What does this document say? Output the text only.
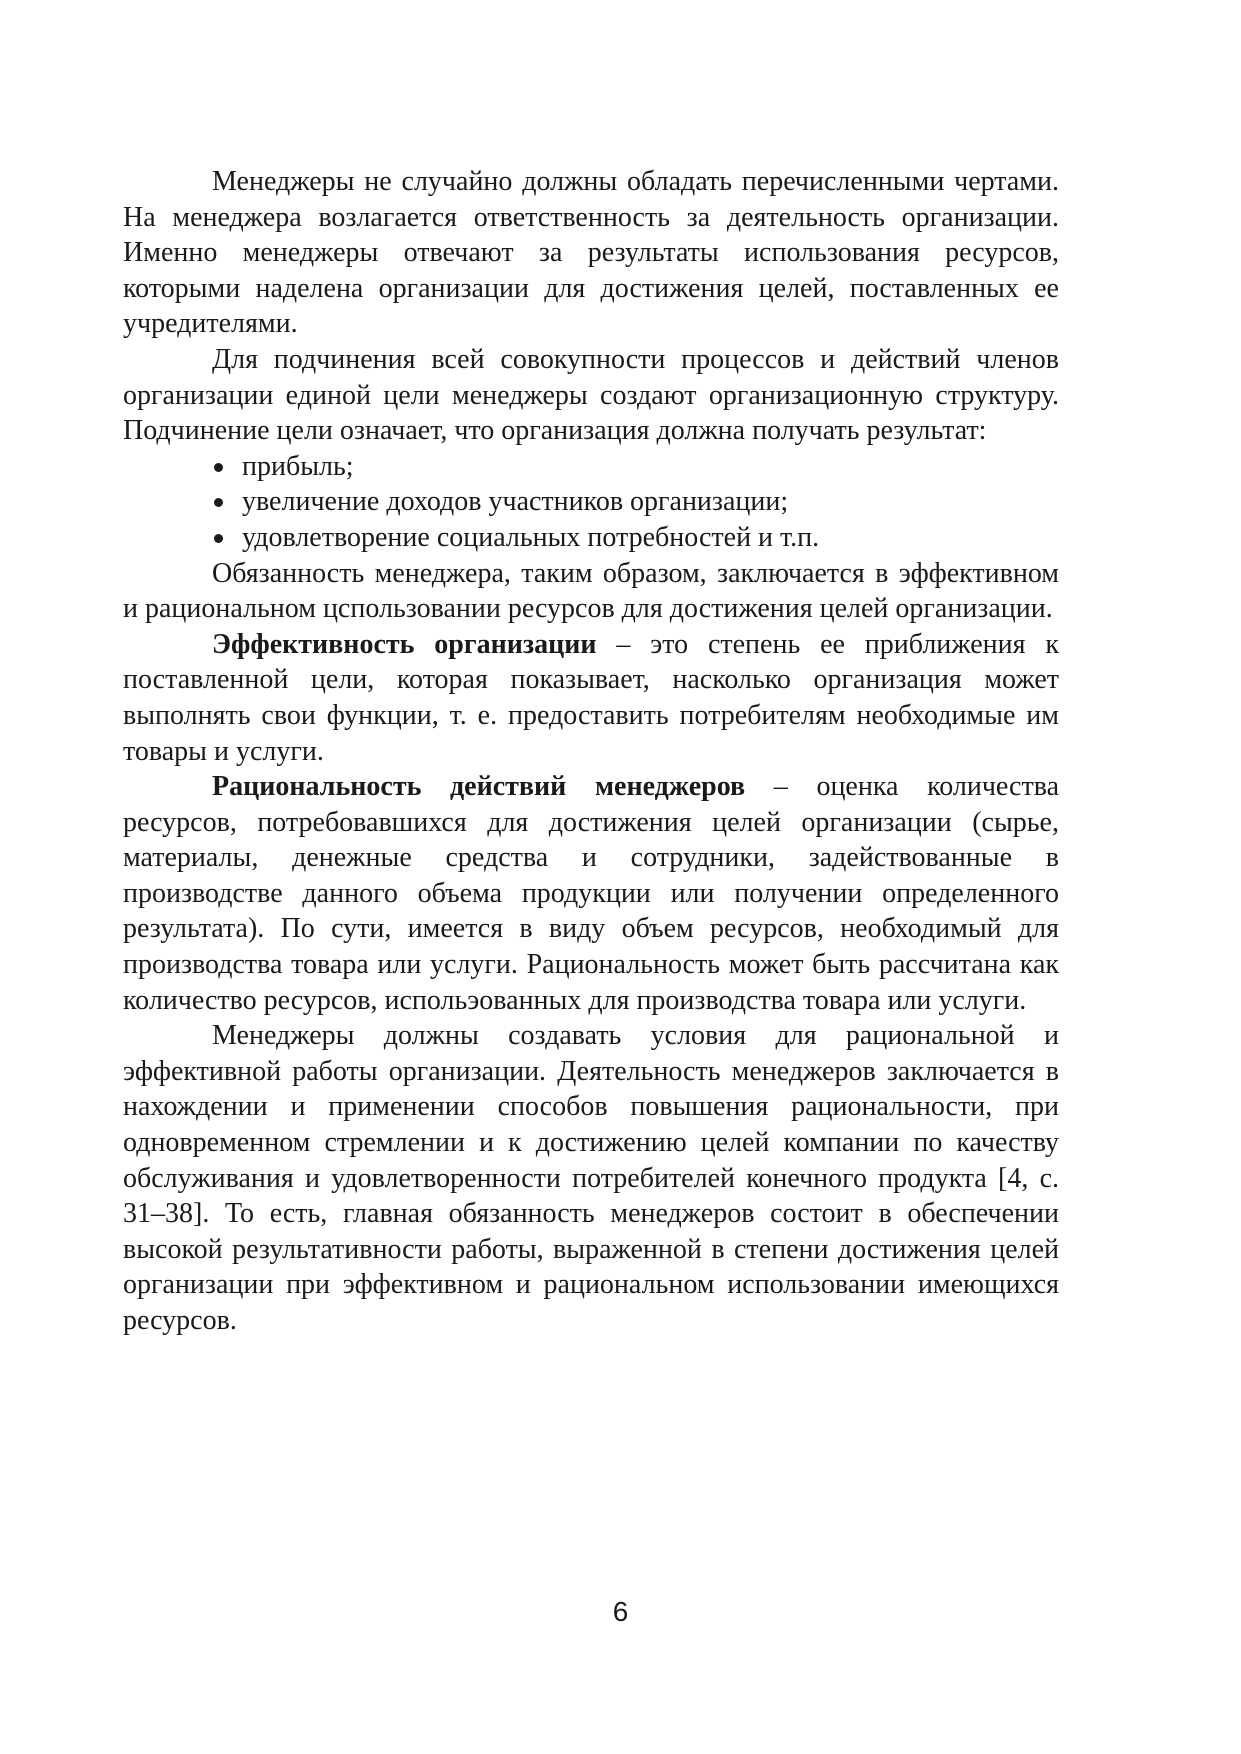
Менеджеры не случайно должны обладать перечисленными чертами. На менеджера возлагается ответственность за деятельность организации. Именно менеджеры отвечают за результаты использования ресурсов, которыми наделена организации для достижения целей, поставленных ее учредителями.

Для подчинения всей совокупности процессов и действий членов организации единой цели менеджеры создают организационную структуру. Подчинение цели означает, что организация должна получать результат:

прибыль;
увеличение доходов участников организации;
удовлетворение социальных потребностей и т.п.

Обязанность менеджера, таким образом, заключается в эффективном и рациональном цспользовании ресурсов для достижения целей организации.

Эффективность организации – это степень ее приближения к поставленной цели, которая показывает, насколько организация может выполнять свои функции, т. е. предоставить потребителям необходимые им товары и услуги.

Рациональность действий менеджеров – оценка количества ресурсов, потребовавшихся для достижения целей организации (сырье, материалы, денежные средства и сотрудники, задействованные в производстве данного объема продукции или получении определенного результата). По сути, имеется в виду объем ресурсов, необходимый для производства товара или услуги. Рациональность может быть рассчитана как количество ресурсов, испольэованных для производства товара или услуги.

Менеджеры должны создавать условия для рациональной и эффективной работы организации. Деятельность менеджеров заключается в нахождении и применении способов повышения рациональности, при одновременном стремлении и к достижению целей компании по качеству обслуживания и удовлетворенности потребителей конечного продукта [4, с. 31–38]. То есть, главная обязанность менеджеров состоит в обеспечении высокой результативности работы, выраженной в степени достижения целей организации при эффективном и рациональном использовании имеющихся ресурсов.

6
